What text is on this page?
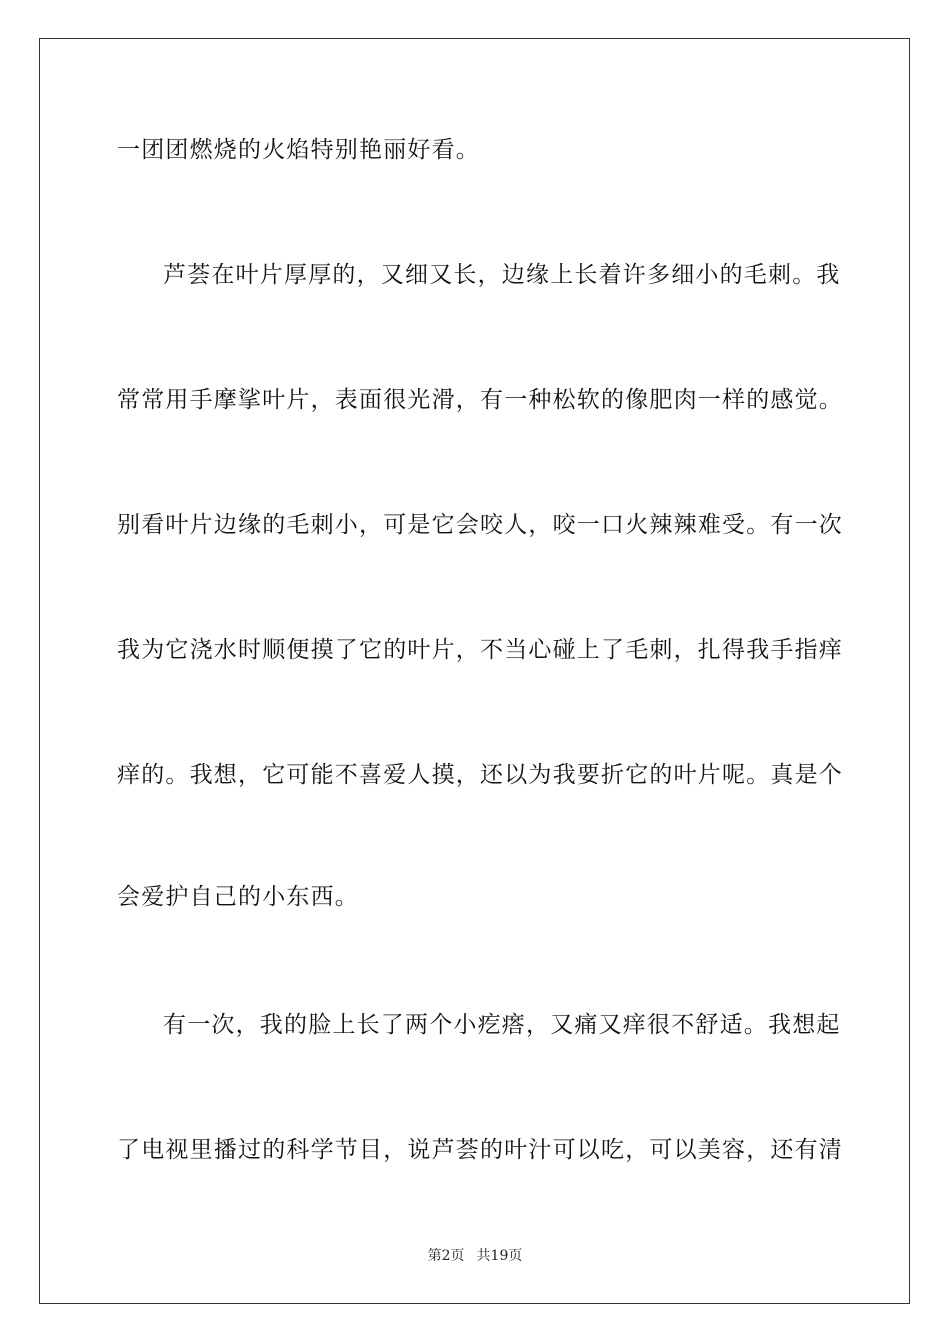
一团团燃烧的火焰特别艳丽好看。
芦荟在叶片厚厚的，又细又长，边缘上长着许多细小的毛刺。我
常常用手摩挲叶片，表面很光滑，有一种松软的像肥肉一样的感觉。
别看叶片边缘的毛刺小，可是它会咬人，咬一口火辣辣难受。有一次
我为它浇水时顺便摸了它的叶片，不当心碰上了毛刺，扎得我手指痒
痒的。我想，它可能不喜爱人摸，还以为我要折它的叶片呢。真是个
会爱护自己的小东西。
有一次，我的脸上长了两个小疙瘩，又痛又痒很不舒适。我想起
了电视里播过的科学节目，说芦荟的叶汁可以吃，可以美容，还有清
第2页 共19页
